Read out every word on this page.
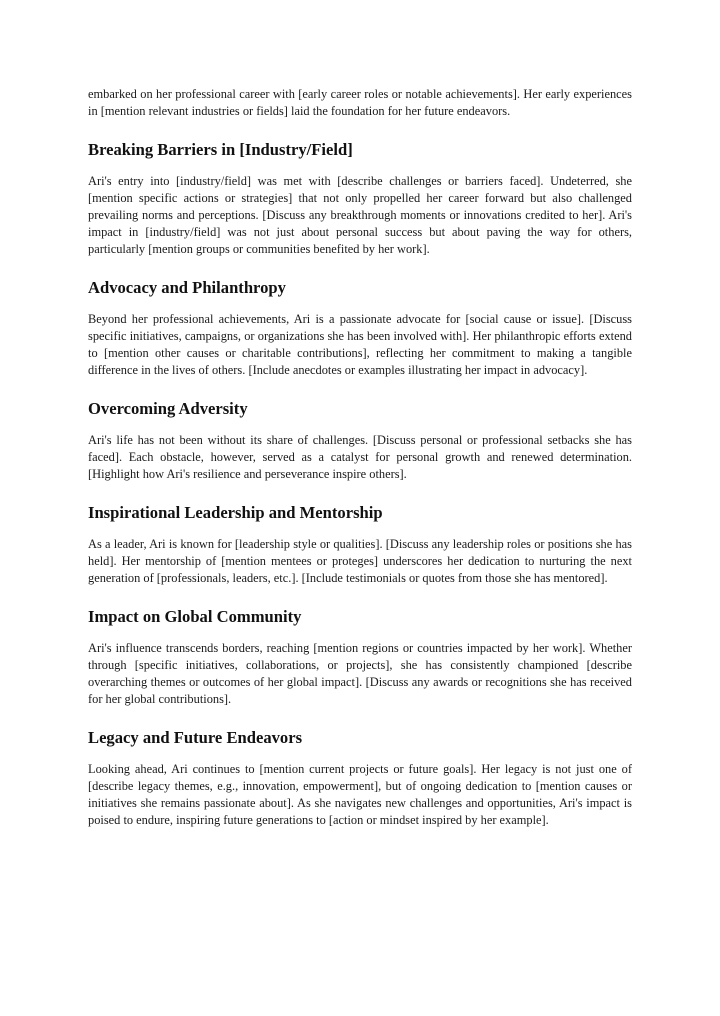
embarked on her professional career with [early career roles or notable achievements]. Her early experiences in [mention relevant industries or fields] laid the foundation for her future endeavors.

Breaking Barriers in [Industry/Field]

Ari's entry into [industry/field] was met with [describe challenges or barriers faced]. Undeterred, she [mention specific actions or strategies] that not only propelled her career forward but also challenged prevailing norms and perceptions. [Discuss any breakthrough moments or innovations credited to her]. Ari's impact in [industry/field] was not just about personal success but about paving the way for others, particularly [mention groups or communities benefited by her work].

Advocacy and Philanthropy

Beyond her professional achievements, Ari is a passionate advocate for [social cause or issue]. [Discuss specific initiatives, campaigns, or organizations she has been involved with]. Her philanthropic efforts extend to [mention other causes or charitable contributions], reflecting her commitment to making a tangible difference in the lives of others. [Include anecdotes or examples illustrating her impact in advocacy].

Overcoming Adversity

Ari's life has not been without its share of challenges. [Discuss personal or professional setbacks she has faced]. Each obstacle, however, served as a catalyst for personal growth and renewed determination. [Highlight how Ari's resilience and perseverance inspire others].

Inspirational Leadership and Mentorship

As a leader, Ari is known for [leadership style or qualities]. [Discuss any leadership roles or positions she has held]. Her mentorship of [mention mentees or proteges] underscores her dedication to nurturing the next generation of [professionals, leaders, etc.]. [Include testimonials or quotes from those she has mentored].

Impact on Global Community

Ari's influence transcends borders, reaching [mention regions or countries impacted by her work]. Whether through [specific initiatives, collaborations, or projects], she has consistently championed [describe overarching themes or outcomes of her global impact]. [Discuss any awards or recognitions she has received for her global contributions].

Legacy and Future Endeavors

Looking ahead, Ari continues to [mention current projects or future goals]. Her legacy is not just one of [describe legacy themes, e.g., innovation, empowerment], but of ongoing dedication to [mention causes or initiatives she remains passionate about]. As she navigates new challenges and opportunities, Ari's impact is poised to endure, inspiring future generations to [action or mindset inspired by her example].
